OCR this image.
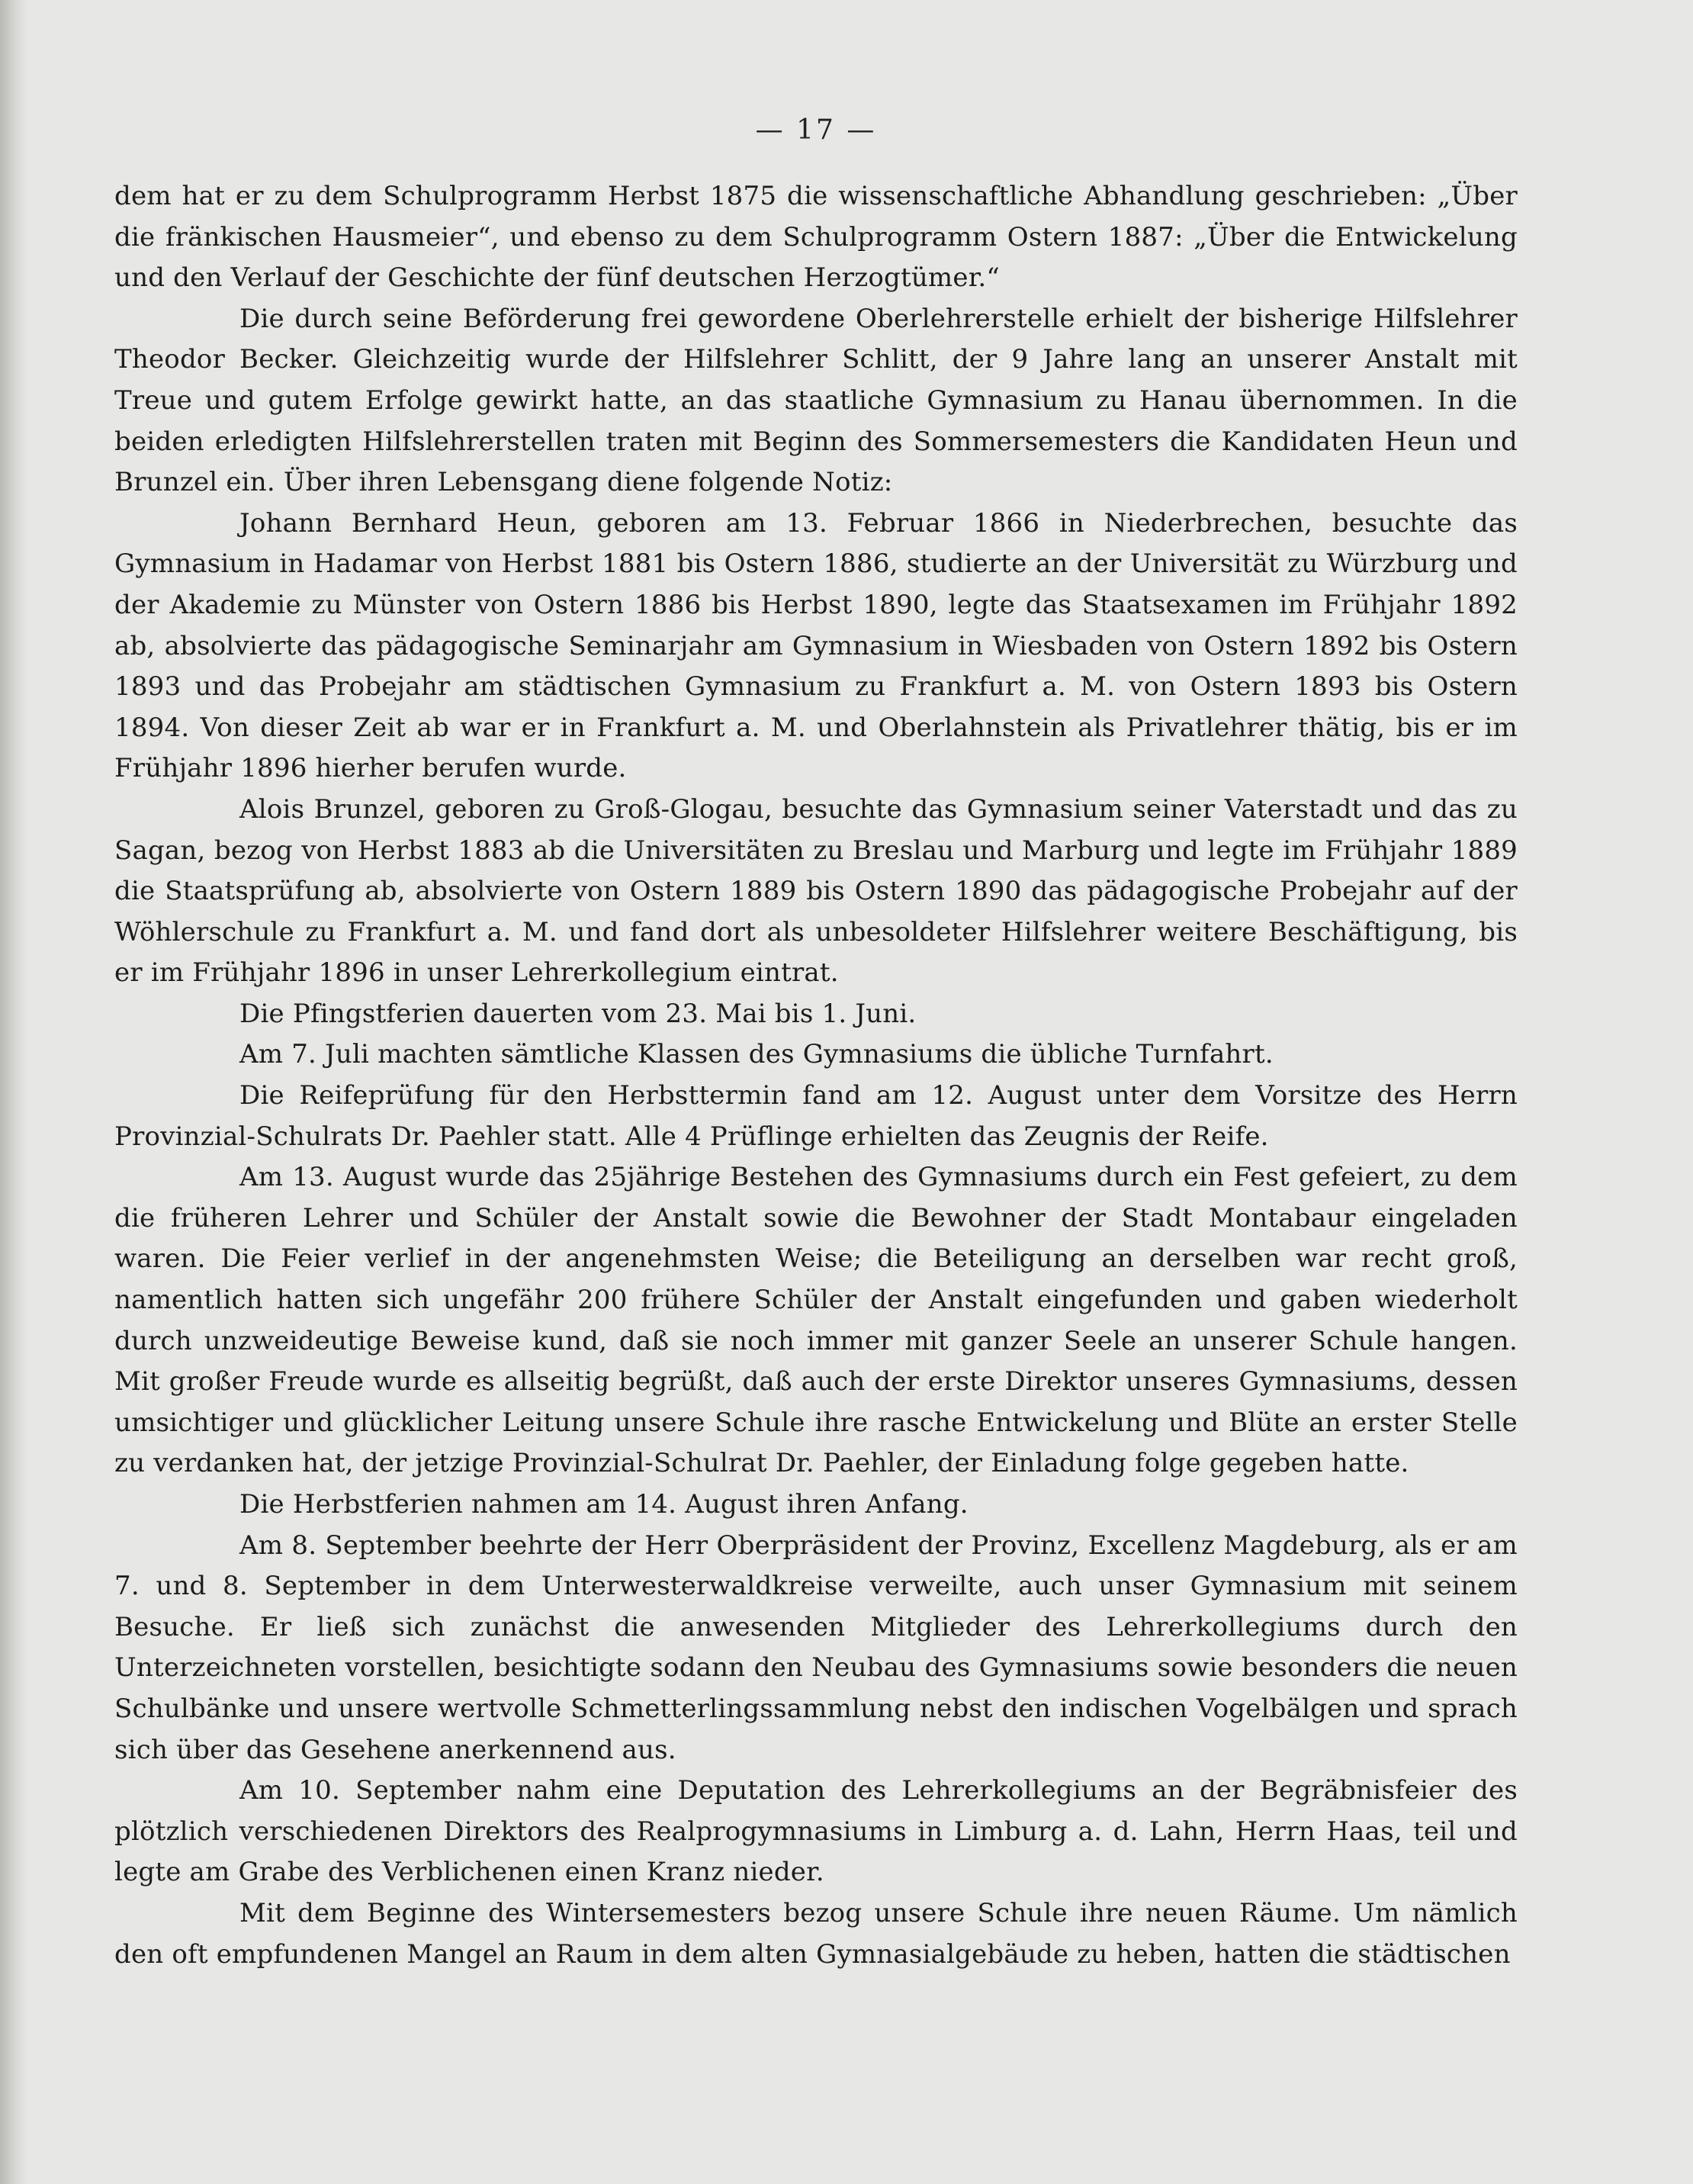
— 17 —

dem hat er zu dem Schulprogramm Herbst 1875 die wissenschaftliche Abhandlung geschrieben: „Über die fränkischen Hausmeier“, und ebenso zu dem Schulprogramm Ostern 1887: „Über die Entwickelung und den Verlauf der Geschichte der fünf deutschen Herzogtümer.“

Die durch seine Beförderung frei gewordene Oberlehrerstelle erhielt der bisherige Hilfslehrer Theodor Becker. Gleichzeitig wurde der Hilfslehrer Schlitt, der 9 Jahre lang an unserer Anstalt mit Treue und gutem Erfolge gewirkt hatte, an das staatliche Gymnasium zu Hanau übernommen. In die beiden erledigten Hilfslehrerstellen traten mit Beginn des Sommersemesters die Kandidaten Heun und Brunzel ein. Über ihren Lebensgang diene folgende Notiz:

Johann Bernhard Heun, geboren am 13. Februar 1866 in Niederbrechen, besuchte das Gymnasium in Hadamar von Herbst 1881 bis Ostern 1886, studierte an der Universität zu Würzburg und der Akademie zu Münster von Ostern 1886 bis Herbst 1890, legte das Staatsexamen im Frühjahr 1892 ab, absolvierte das pädagogische Seminarjahr am Gymnasium in Wiesbaden von Ostern 1892 bis Ostern 1893 und das Probejahr am städtischen Gymnasium zu Frankfurt a. M. von Ostern 1893 bis Ostern 1894. Von dieser Zeit ab war er in Frankfurt a. M. und Oberlahnstein als Privatlehrer thätig, bis er im Frühjahr 1896 hierher berufen wurde.

Alois Brunzel, geboren zu Groß-Glogau, besuchte das Gymnasium seiner Vaterstadt und das zu Sagan, bezog von Herbst 1883 ab die Universitäten zu Breslau und Marburg und legte im Frühjahr 1889 die Staatsprüfung ab, absolvierte von Ostern 1889 bis Ostern 1890 das pädagogische Probejahr auf der Wöhlerschule zu Frankfurt a. M. und fand dort als unbesoldeter Hilfslehrer weitere Beschäftigung, bis er im Frühjahr 1896 in unser Lehrerkollegium eintrat.

Die Pfingstferien dauerten vom 23. Mai bis 1. Juni.

Am 7. Juli machten sämtliche Klassen des Gymnasiums die übliche Turnfahrt.

Die Reifeprüfung für den Herbsttermin fand am 12. August unter dem Vorsitze des Herrn Provinzial-Schulrats Dr. Paehler statt. Alle 4 Prüflinge erhielten das Zeugnis der Reife.

Am 13. August wurde das 25jährige Bestehen des Gymnasiums durch ein Fest gefeiert, zu dem die früheren Lehrer und Schüler der Anstalt sowie die Bewohner der Stadt Montabaur eingeladen waren. Die Feier verlief in der angenehmsten Weise; die Beteiligung an derselben war recht groß, namentlich hatten sich ungefähr 200 frühere Schüler der Anstalt eingefunden und gaben wiederholt durch unzweideutige Beweise kund, daß sie noch immer mit ganzer Seele an unserer Schule hangen. Mit großer Freude wurde es allseitig begrüßt, daß auch der erste Direktor unseres Gymnasiums, dessen umsichtiger und glücklicher Leitung unsere Schule ihre rasche Entwickelung und Blüte an erster Stelle zu verdanken hat, der jetzige Provinzial-Schulrat Dr. Paehler, der Einladung folge gegeben hatte.

Die Herbstferien nahmen am 14. August ihren Anfang.

Am 8. September beehrte der Herr Oberpräsident der Provinz, Excellenz Magdeburg, als er am 7. und 8. September in dem Unterwesterwaldkreise verweilte, auch unser Gymnasium mit seinem Besuche. Er ließ sich zunächst die anwesenden Mitglieder des Lehrerkollegiums durch den Unterzeichneten vorstellen, besichtigte sodann den Neubau des Gymnasiums sowie besonders die neuen Schulbänke und unsere wertvolle Schmetterlingssammlung nebst den indischen Vogelbälgen und sprach sich über das Gesehene anerkennend aus.

Am 10. September nahm eine Deputation des Lehrerkollegiums an der Begräbnisfeier des plötzlich verschiedenen Direktors des Realprogymnasiums in Limburg a. d. Lahn, Herrn Haas, teil und legte am Grabe des Verblichenen einen Kranz nieder.

Mit dem Beginne des Wintersemesters bezog unsere Schule ihre neuen Räume. Um nämlich den oft empfundenen Mangel an Raum in dem alten Gymnasialgebäude zu heben, hatten die städtischen
